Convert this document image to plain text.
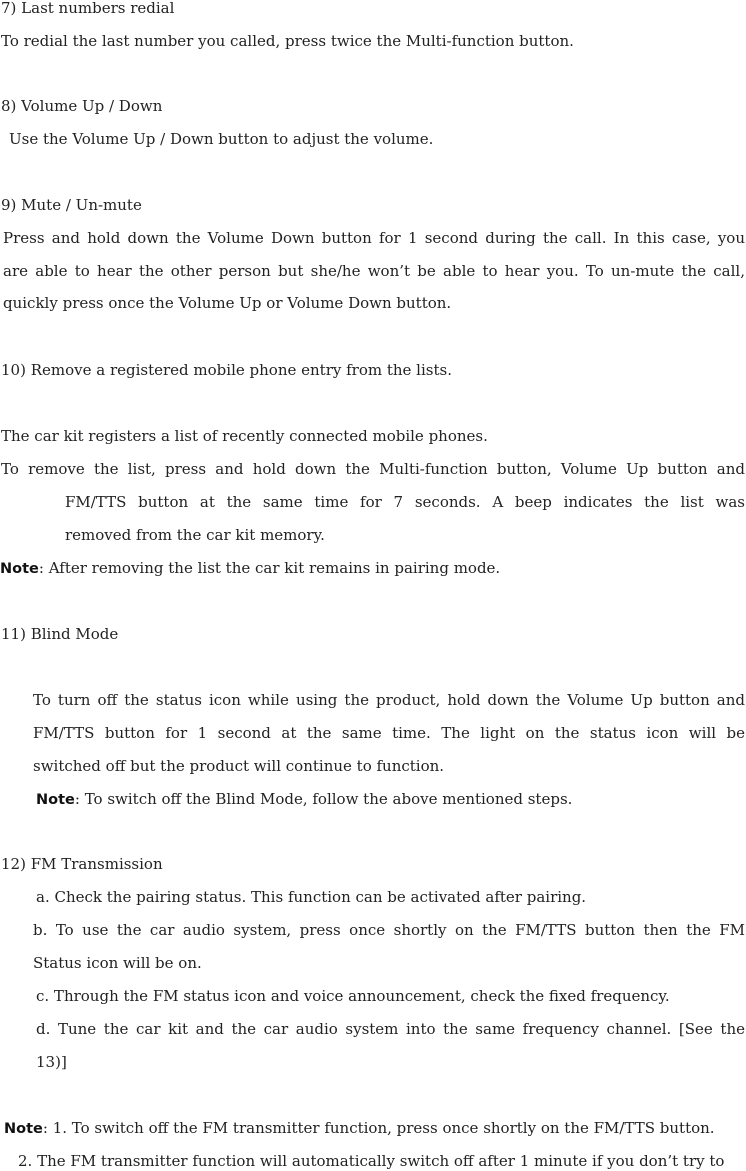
7) Last numbers redial
To redial the last number you called, press twice the Multi-function button.
8) Volume Up / Down
Use the Volume Up / Down button to adjust the volume.
9) Mute / Un-mute
Press and hold down the Volume Down button for 1 second during the call. In this case, you
are able to hear the other person but she/he won’t be able to hear you. To un-mute the call,
quickly press once the Volume Up or Volume Down button.
10) Remove a registered mobile phone entry from the lists.
The car kit registers a list of recently connected mobile phones.
To remove the list, press and hold down the Multi-function button, Volume Up button and
FM/TTS button at the same time for 7 seconds. A beep indicates the list was
removed from the car kit memory.
Note: After removing the list the car kit remains in pairing mode.
11) Blind Mode
To turn off the status icon while using the product, hold down the Volume Up button and
FM/TTS button for 1 second at the same time. The light on the status icon will be
switched off but the product will continue to function.
Note: To switch off the Blind Mode, follow the above mentioned steps.
12) FM Transmission
a. Check the pairing status. This function can be activated after pairing.
b. To use the car audio system, press once shortly on the FM/TTS button then the FM
Status icon will be on.
c. Through the FM status icon and voice announcement, check the fixed frequency.
d. Tune the car kit and the car audio system into the same frequency channel. [See the
13)]
Note: 1. To switch off the FM transmitter function, press once shortly on the FM/TTS button.
2. The FM transmitter function will automatically switch off after 1 minute if you don’t try to
